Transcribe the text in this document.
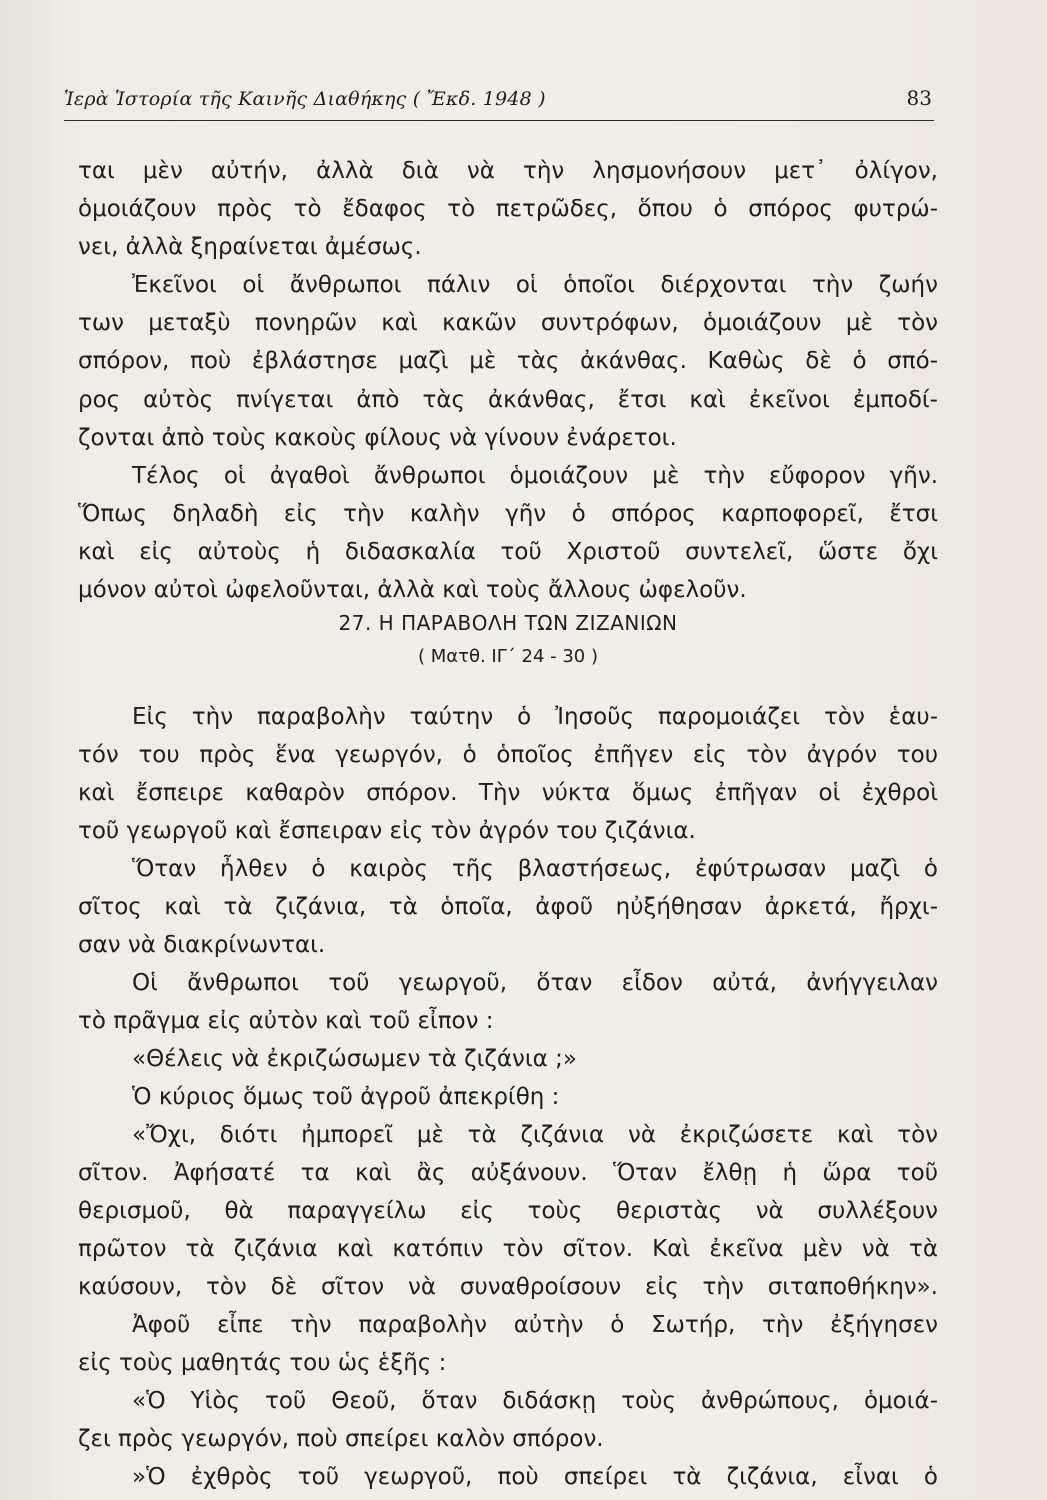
Ἱερὰ Ἱστορία τῆς Καινῆς Διαθήκης ( Ἔκδ. 1948 )	83
ται μὲν αὐτήν, ἀλλὰ διὰ νὰ τὴν λησμονήσουν μετ᾽ ὀλίγον,
ὁμοιάζουν πρὸς τὸ ἔδαφος τὸ πετρῶδες, ὅπου ὁ σπόρος φυτρώ-
νει, ἀλλὰ ξηραίνεται ἀμέσως.
Ἐκεῖνοι οἱ ἄνθρωποι πάλιν οἱ ὁποῖοι διέρχονται τὴν ζωήν
των μεταξὺ πονηρῶν καὶ κακῶν συντρόφων, ὁμοιάζουν μὲ τὸν
σπόρον, ποὺ ἐβλάστησε μαζὶ μὲ τὰς ἀκάνθας. Καθὼς δὲ ὁ σπό-
ρος αὐτὸς πνίγεται ἀπὸ τὰς ἀκάνθας, ἔτσι καὶ ἐκεῖνοι ἐμποδί-
ζονται ἀπὸ τοὺς κακοὺς φίλους νὰ γίνουν ἐνάρετοι.
Τέλος οἱ ἀγαθοὶ ἄνθρωποι ὁμοιάζουν μὲ τὴν εὔφορον γῆν.
Ὅπως δηλαδὴ εἰς τὴν καλὴν γῆν ὁ σπόρος καρποφορεῖ, ἔτσι
καὶ εἰς αὐτοὺς ἡ διδασκαλία τοῦ Χριστοῦ συντελεῖ, ὥστε ὄχι
μόνον αὐτοὶ ὠφελοῦνται, ἀλλὰ καὶ τοὺς ἄλλους ὠφελοῦν.
27. Η ΠΑΡΑΒΟΛΗ ΤΩΝ ΖΙΖΑΝΙΩΝ
( Ματθ. ΙΓ΄ 24 - 30 )
Εἰς τὴν παραβολὴν ταύτην ὁ Ἰησοῦς παρομοιάζει τὸν ἑαυ-
τόν του πρὸς ἕνα γεωργόν, ὁ ὁποῖος ἐπῆγεν εἰς τὸν ἀγρόν του
καὶ ἔσπειρε καθαρὸν σπόρον. Τὴν νύκτα ὅμως ἐπῆγαν οἱ ἐχθροὶ
τοῦ γεωργοῦ καὶ ἔσπειραν εἰς τὸν ἀγρόν του ζιζάνια.
Ὅταν ἦλθεν ὁ καιρὸς τῆς βλαστήσεως, ἐφύτρωσαν μαζὶ ὁ
σῖτος καὶ τὰ ζιζάνια, τὰ ὁποῖα, ἀφοῦ ηὐξήθησαν ἀρκετά, ἤρχι-
σαν νὰ διακρίνωνται.
Οἱ ἄνθρωποι τοῦ γεωργοῦ, ὅταν εἶδον αὐτά, ἀνήγγειλαν
τὸ πρᾶγμα εἰς αὐτὸν καὶ τοῦ εἶπον :
«Θέλεις νὰ ἐκριζώσωμεν τὰ ζιζάνια ;»
Ὁ κύριος ὅμως τοῦ ἀγροῦ ἀπεκρίθη :
«Ὄχι, διότι ἠμπορεῖ μὲ τὰ ζιζάνια νὰ ἐκριζώσετε καὶ τὸν
σῖτον. Ἀφήσατέ τα καὶ ἂς αὐξάνουν. Ὅταν ἔλθῃ ἡ ὥρα τοῦ
θερισμοῦ, θὰ παραγγείλω εἰς τοὺς θεριστὰς νὰ συλλέξουν
πρῶτον τὰ ζιζάνια καὶ κατόπιν τὸν σῖτον. Καὶ ἐκεῖνα μὲν νὰ τὰ
καύσουν, τὸν δὲ σῖτον νὰ συναθροίσουν εἰς τὴν σιταποθήκην».
Ἀφοῦ εἶπε τὴν παραβολὴν αὐτὴν ὁ Σωτήρ, τὴν ἐξήγησεν
εἰς τοὺς μαθητάς του ὡς ἑξῆς :
«Ὁ Υἱὸς τοῦ Θεοῦ, ὅταν διδάσκῃ τοὺς ἀνθρώπους, ὁμοιά-
ζει πρὸς γεωργόν, ποὺ σπείρει καλὸν σπόρον.
»Ὁ ἐχθρὸς τοῦ γεωργοῦ, ποὺ σπείρει τὰ ζιζάνια, εἶναι ὁ
